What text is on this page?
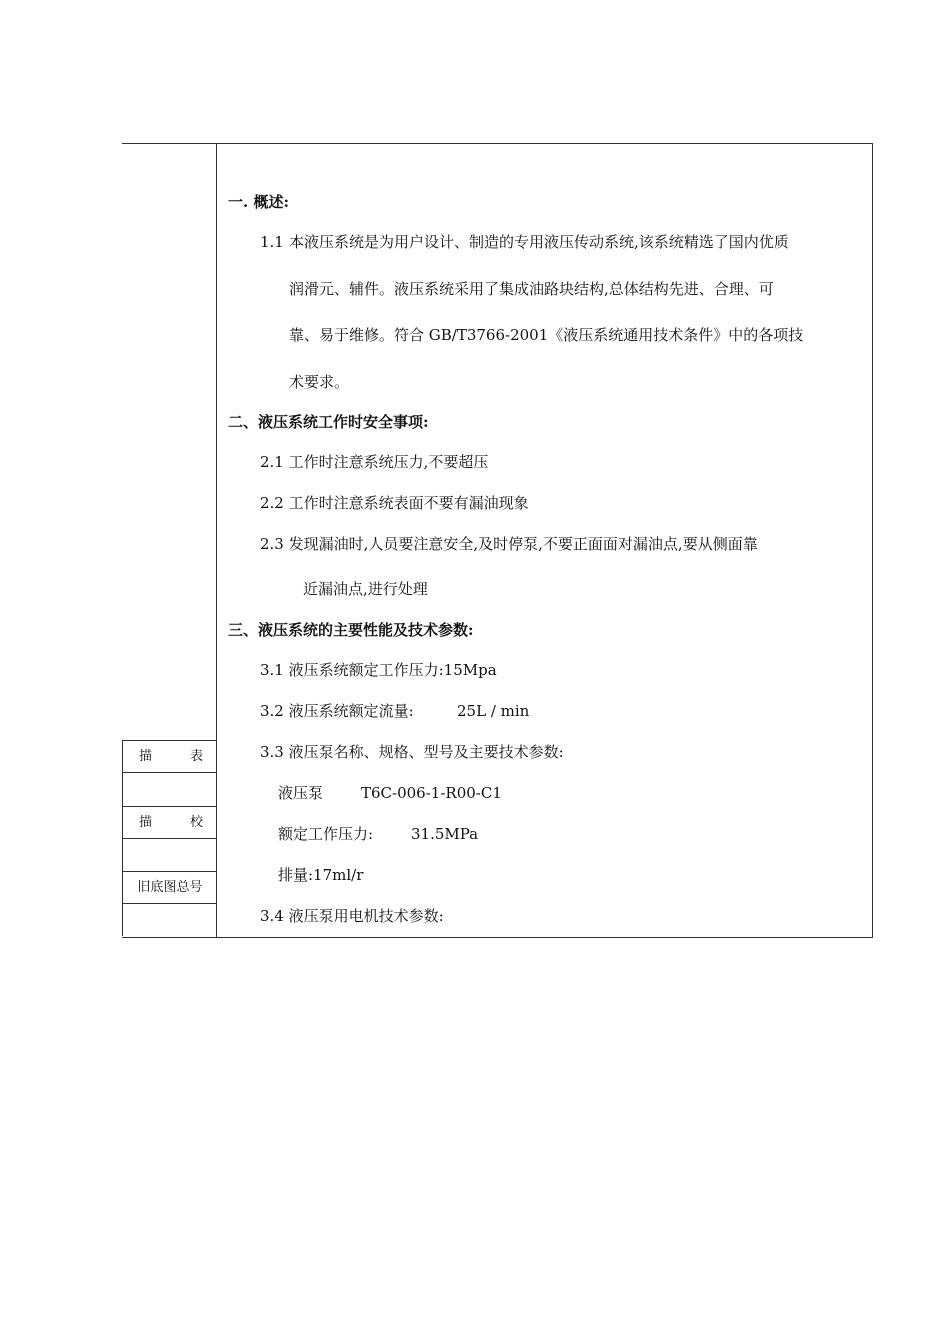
描 表
描 校
旧底图总号
一. 概述:
1.1 本液压系统是为用户设计、制造的专用液压传动系统,该系统精选了国内优质
润滑元、辅件。液压系统采用了集成油路块结构,总体结构先进、合理、可
靠、易于维修。符合 GB/T3766-2001《液压系统通用技术条件》中的各项技
术要求。
二、液压系统工作时安全事项:
2.1 工作时注意系统压力,不要超压
2.2 工作时注意系统表面不要有漏油现象
2.3 发现漏油时,人员要注意安全,及时停泵,不要正面面对漏油点,要从侧面靠
近漏油点,进行处理
三、液压系统的主要性能及技术参数:
3.1 液压系统额定工作压力:15Mpa
3.2 液压系统额定流量:	25L / min
3.3 液压泵名称、规格、型号及主要技术参数:
液压泵	T6C-006-1-R00-C1
额定工作压力:	31.5MPa
排量:17ml/r
3.4 液压泵用电机技术参数:
